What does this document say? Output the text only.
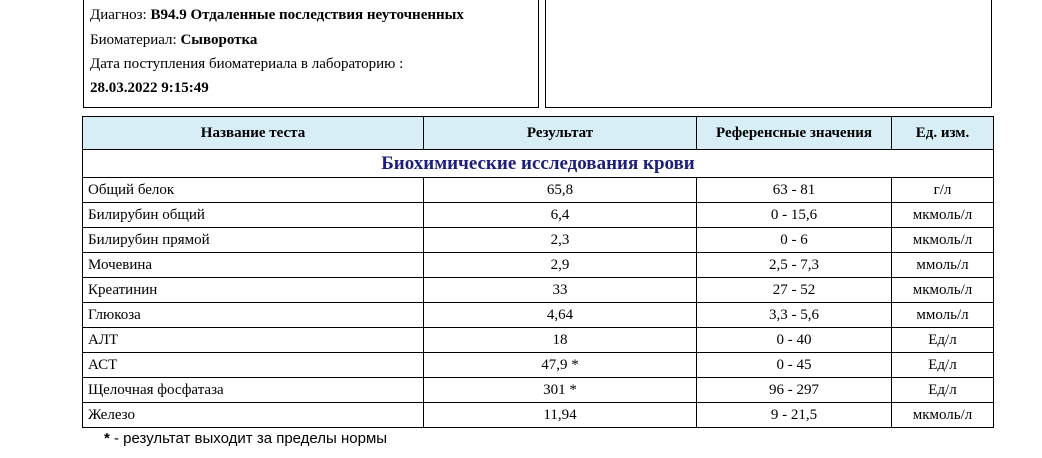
Диагноз: В94.9 Отдаленные последствия неуточненных
Биоматериал: Сыворотка
Дата поступления биоматериала в лабораторию :
28.03.2022 9:15:49
Название теста	Результат	Референсные значения	Ед. изм.
Биохимические исследования крови			
Общий белок	65,8	63 - 81	г/л
Билирубин общий	6,4	0 - 15,6	мкмоль/л
Билирубин прямой	2,3	0 - 6	мкмоль/л
Мочевина	2,9	2,5 - 7,3	ммоль/л
Креатинин	33	27 - 52	мкмоль/л
Глюкоза	4,64	3,3 - 5,6	ммоль/л
АЛТ	18	0 - 40	Ед/л
АСТ	47,9 *	0 - 45	Ед/л
Щелочная фосфатаза	301 *	96 - 297	Ед/л
Железо	11,94	9 - 21,5	мкмоль/л
* - результат выходит за пределы нормы
